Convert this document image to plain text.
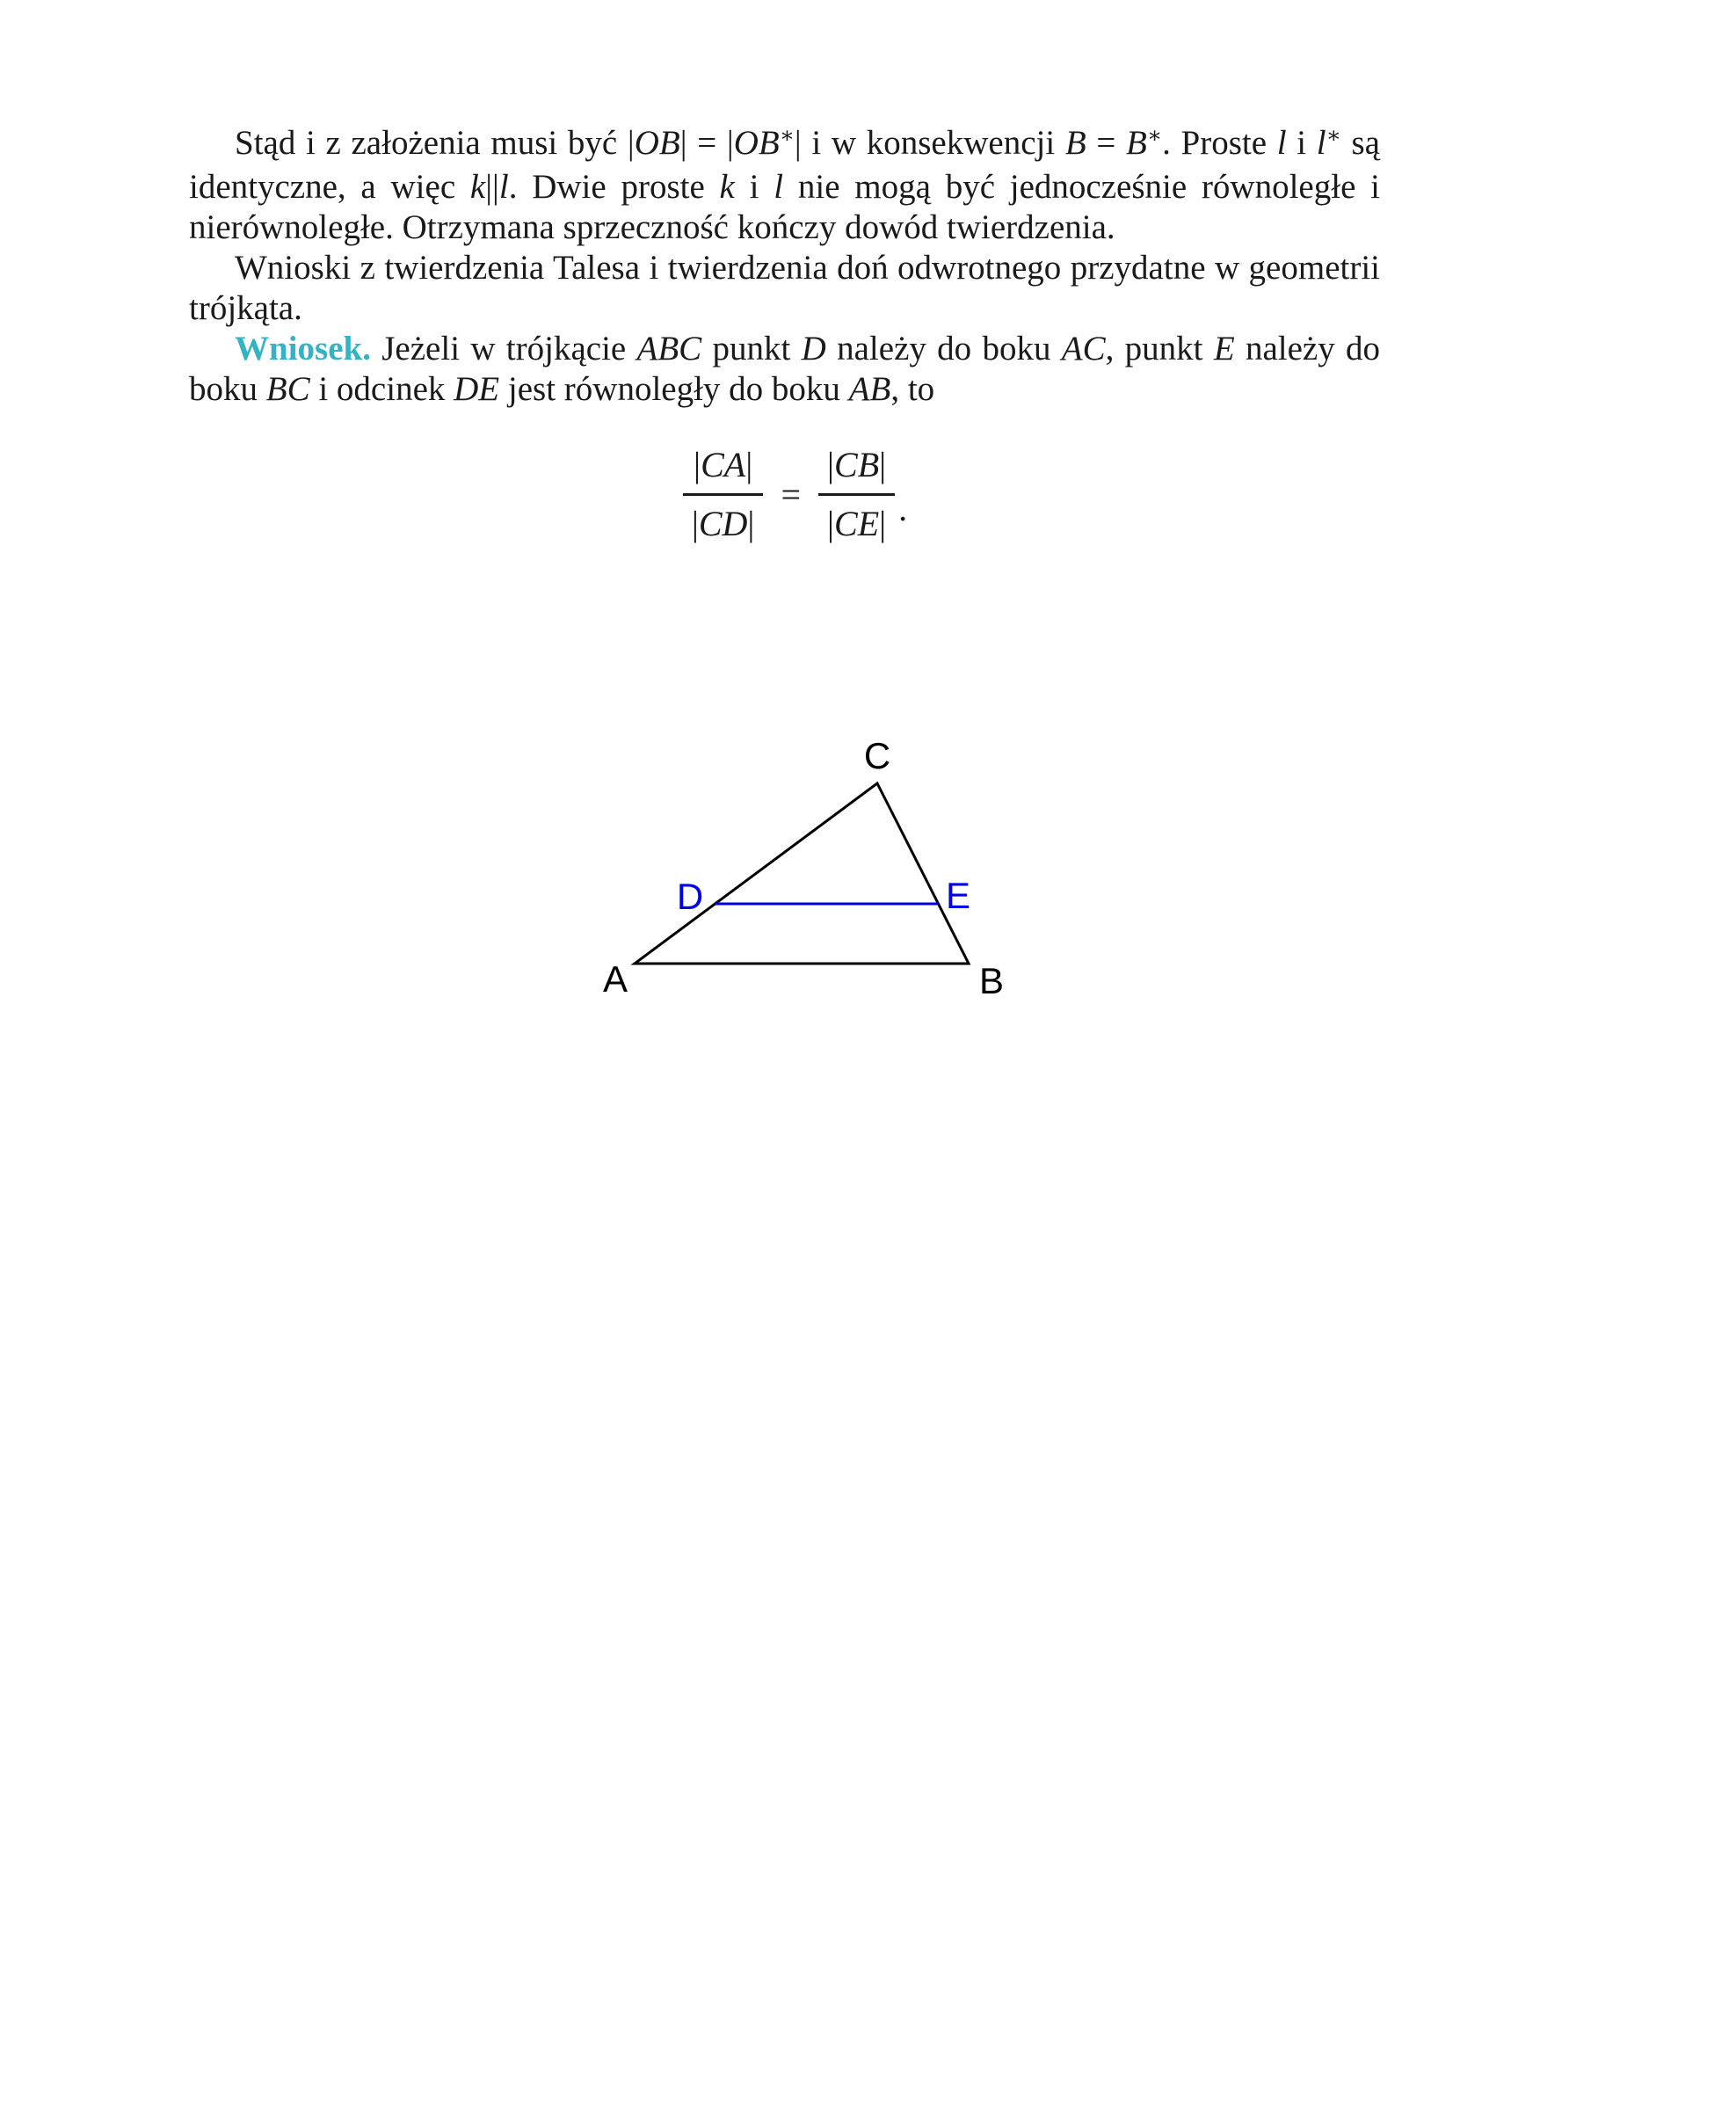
Stąd i z założenia musi być |OB| = |OB∗| i w konsekwencji B = B∗. Proste l i l∗ są identyczne, a więc k||l. Dwie proste k i l nie mogą być jednocześnie równoległe i nierównoległe. Otrzymana sprzeczność kończy dowód twierdzenia.

Wnioski z twierdzenia Talesa i twierdzenia doń odwrotnego przydatne w geometrii trójkąta.

Wniosek. Jeżeli w trójkącie ABC punkt D należy do boku AC, punkt E należy do boku BC i odcinek DE jest równoległy do boku AB, to

$\frac{|CA|}{|CD|} = \frac{|CB|}{|CE|}$ .
A	B
C
D	E
